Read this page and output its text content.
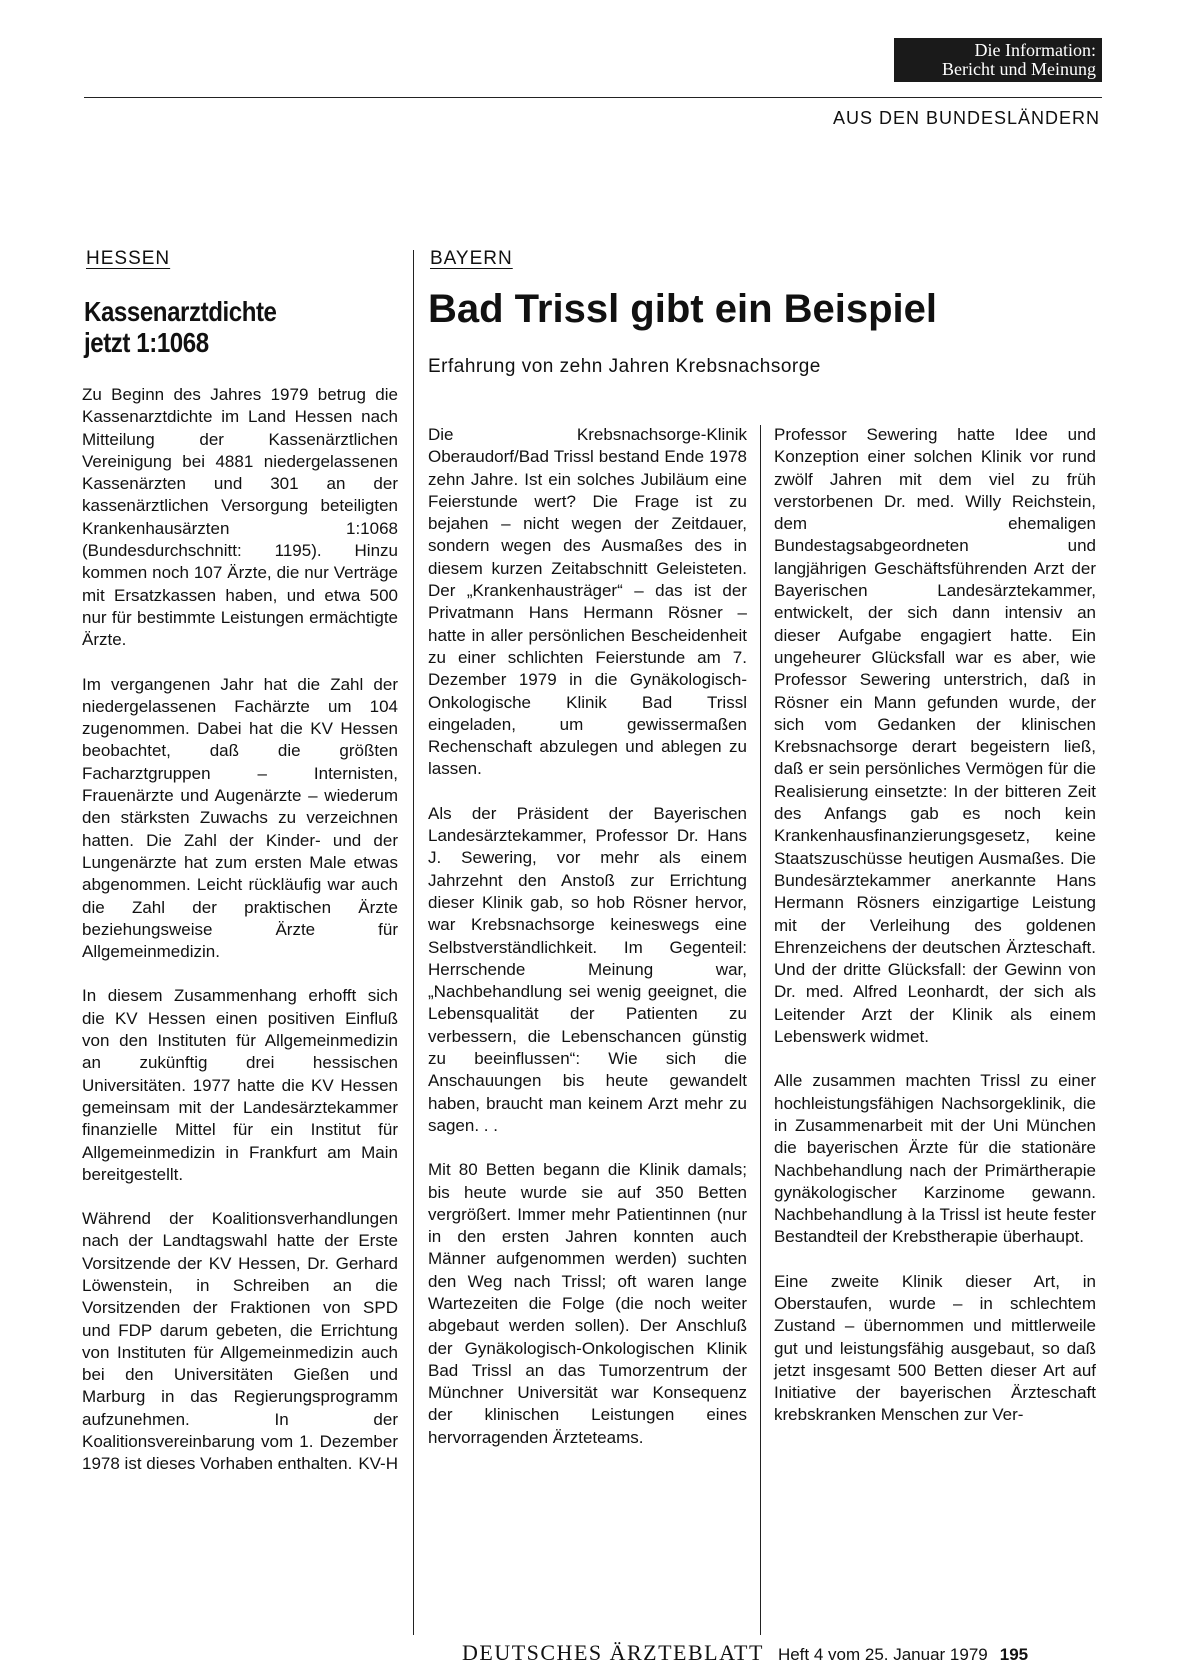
Die Information:
Bericht und Meinung
AUS DEN BUNDESLÄNDERN
HESSEN
Kassenarztdichte
jetzt 1:1068

Zu Beginn des Jahres 1979 betrug die Kassenarztdichte im Land Hessen nach Mitteilung der Kassenärztlichen Vereinigung bei 4881 niedergelassenen Kassenärzten und 301 an der kassenärztlichen Versorgung beteiligten Krankenhausärzten 1:1068 (Bundesdurchschnitt: 1195). Hinzu kommen noch 107 Ärzte, die nur Verträge mit Ersatzkassen haben, und etwa 500 nur für bestimmte Leistungen ermächtigte Ärzte.

Im vergangenen Jahr hat die Zahl der niedergelassenen Fachärzte um 104 zugenommen. Dabei hat die KV Hessen beobachtet, daß die größten Facharztgruppen – Internisten, Frauenärzte und Augenärzte – wiederum den stärksten Zuwachs zu verzeichnen hatten. Die Zahl der Kinder- und der Lungenärzte hat zum ersten Male etwas abgenommen. Leicht rückläufig war auch die Zahl der praktischen Ärzte beziehungsweise Ärzte für Allgemeinmedizin.

In diesem Zusammenhang erhofft sich die KV Hessen einen positiven Einfluß von den Instituten für Allgemeinmedizin an zukünftig drei hessischen Universitäten. 1977 hatte die KV Hessen gemeinsam mit der Landesärztekammer finanzielle Mittel für ein Institut für Allgemeinmedizin in Frankfurt am Main bereitgestellt.

Während der Koalitionsverhandlungen nach der Landtagswahl hatte der Erste Vorsitzende der KV Hessen, Dr. Gerhard Löwenstein, in Schreiben an die Vorsitzenden der Fraktionen von SPD und FDP darum gebeten, die Errichtung von Instituten für Allgemeinmedizin auch bei den Universitäten Gießen und Marburg in das Regierungsprogramm aufzunehmen. In der Koalitionsvereinbarung vom 1. Dezember 1978 ist dieses Vorhaben enthalten. KV-H

BAYERN
Bad Trissl gibt ein Beispiel
Erfahrung von zehn Jahren Krebsnachsorge

Die Krebsnachsorge-Klinik Oberaudorf/Bad Trissl bestand Ende 1978 zehn Jahre. Ist ein solches Jubiläum eine Feierstunde wert? Die Frage ist zu bejahen – nicht wegen der Zeitdauer, sondern wegen des Ausmaßes des in diesem kurzen Zeitabschnitt Geleisteten. Der „Krankenhausträger“ – das ist der Privatmann Hans Hermann Rösner – hatte in aller persönlichen Bescheidenheit zu einer schlichten Feierstunde am 7. Dezember 1979 in die Gynäkologisch-Onkologische Klinik Bad Trissl eingeladen, um gewissermaßen Rechenschaft abzulegen und ablegen zu lassen.

Als der Präsident der Bayerischen Landesärztekammer, Professor Dr. Hans J. Sewering, vor mehr als einem Jahrzehnt den Anstoß zur Errichtung dieser Klinik gab, so hob Rösner hervor, war Krebsnachsorge keineswegs eine Selbstverständlichkeit. Im Gegenteil: Herrschende Meinung war, „Nachbehandlung sei wenig geeignet, die Lebensqualität der Patienten zu verbessern, die Lebenschancen günstig zu beeinflussen“: Wie sich die Anschauungen bis heute gewandelt haben, braucht man keinem Arzt mehr zu sagen. . .

Mit 80 Betten begann die Klinik damals; bis heute wurde sie auf 350 Betten vergrößert. Immer mehr Patientinnen (nur in den ersten Jahren konnten auch Männer aufgenommen werden) suchten den Weg nach Trissl; oft waren lange Wartezeiten die Folge (die noch weiter abgebaut werden sollen). Der Anschluß der Gynäkologisch-Onkologischen Klinik Bad Trissl an das Tumorzentrum der Münchner Universität war Konsequenz der klinischen Leistungen eines hervorragenden Ärzteteams.

Professor Sewering hatte Idee und Konzeption einer solchen Klinik vor rund zwölf Jahren mit dem viel zu früh verstorbenen Dr. med. Willy Reichstein, dem ehemaligen Bundestagsabgeordneten und langjährigen Geschäftsführenden Arzt der Bayerischen Landesärztekammer, entwickelt, der sich dann intensiv an dieser Aufgabe engagiert hatte. Ein ungeheurer Glücksfall war es aber, wie Professor Sewering unterstrich, daß in Rösner ein Mann gefunden wurde, der sich vom Gedanken der klinischen Krebsnachsorge derart begeistern ließ, daß er sein persönliches Vermögen für die Realisierung einsetzte: In der bitteren Zeit des Anfangs gab es noch kein Krankenhausfinanzierungsgesetz, keine Staatszuschüsse heutigen Ausmaßes. Die Bundesärztekammer anerkannte Hans Hermann Rösners einzigartige Leistung mit der Verleihung des goldenen Ehrenzeichens der deutschen Ärzteschaft. Und der dritte Glücksfall: der Gewinn von Dr. med. Alfred Leonhardt, der sich als Leitender Arzt der Klinik als einem Lebenswerk widmet.

Alle zusammen machten Trissl zu einer hochleistungsfähigen Nachsorgeklinik, die in Zusammenarbeit mit der Uni München die bayerischen Ärzte für die stationäre Nachbehandlung nach der Primärtherapie gynäkologischer Karzinome gewann. Nachbehandlung à la Trissl ist heute fester Bestandteil der Krebstherapie überhaupt.

Eine zweite Klinik dieser Art, in Oberstaufen, wurde – in schlechtem Zustand – übernommen und mittlerweile gut und leistungsfähig ausgebaut, so daß jetzt insgesamt 500 Betten dieser Art auf Initiative der bayerischen Ärzteschaft krebskranken Menschen zur Ver-

DEUTSCHES ÄRZTEBLATT Heft 4 vom 25. Januar 1979 195
